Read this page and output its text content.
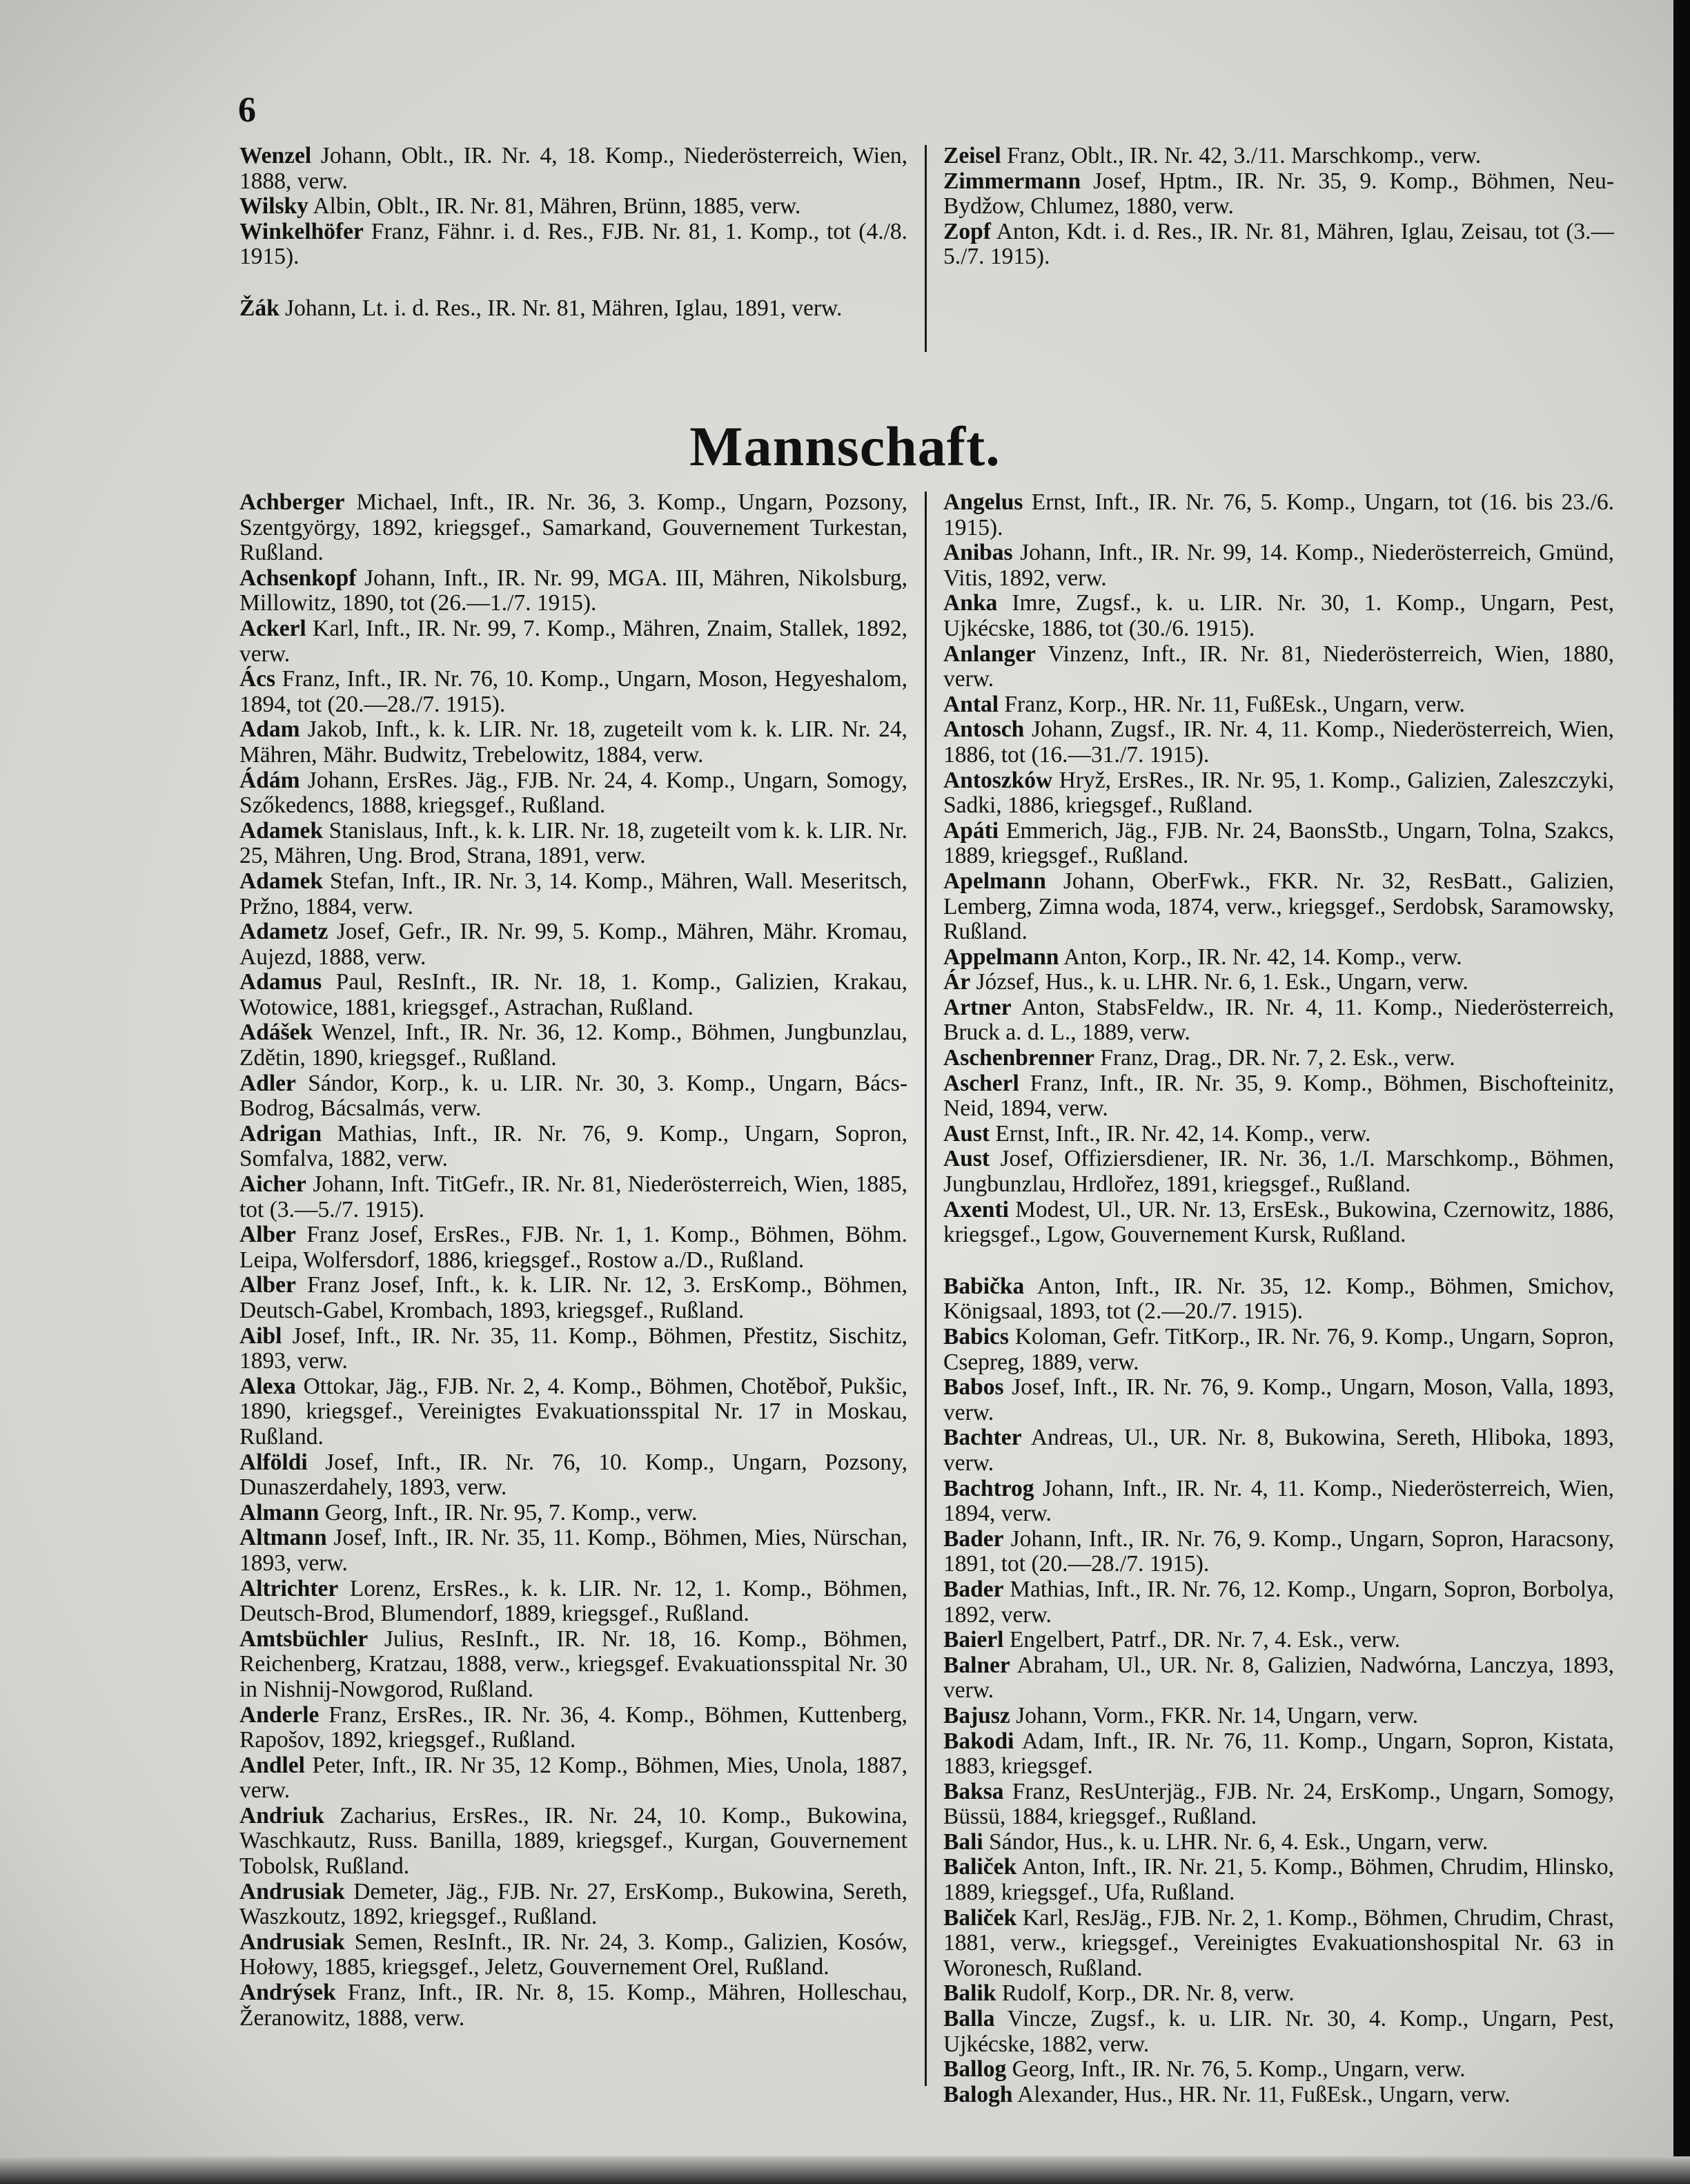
6

Wenzel Johann, Oblt., IR. Nr. 4, 18. Komp., Niederösterreich, Wien, 1888, verw.

Wilsky Albin, Oblt., IR. Nr. 81, Mähren, Brünn, 1885, verw.

Winkelhöfer Franz, Fähnr. i. d. Res., FJB. Nr. 81, 1. Komp., tot (4./8. 1915).

Žák Johann, Lt. i. d. Res., IR. Nr. 81, Mähren, Iglau, 1891, verw.

Zeisel Franz, Oblt., IR. Nr. 42, 3./11. Marschkomp., verw.

Zimmermann Josef, Hptm., IR. Nr. 35, 9. Komp., Böhmen, Neu-Bydžow, Chlumez, 1880, verw.

Zopf Anton, Kdt. i. d. Res., IR. Nr. 81, Mähren, Iglau, Zeisau, tot (3.—5./7. 1915).

Mannschaft.

Achberger Michael, Inft., IR. Nr. 36, 3. Komp., Ungarn, Pozsony, Szentgyörgy, 1892, kriegsgef., Samarkand, Gouvernement Turkestan, Rußland.

Achsenkopf Johann, Inft., IR. Nr. 99, MGA. III, Mähren, Nikolsburg, Millowitz, 1890, tot (26.—1./7. 1915).

Ackerl Karl, Inft., IR. Nr. 99, 7. Komp., Mähren, Znaim, Stallek, 1892, verw.

Ács Franz, Inft., IR. Nr. 76, 10. Komp., Ungarn, Moson, Hegyeshalom, 1894, tot (20.—28./7. 1915).

Adam Jakob, Inft., k. k. LIR. Nr. 18, zugeteilt vom k. k. LIR. Nr. 24, Mähren, Mähr. Budwitz, Trebelowitz, 1884, verw.

Ádám Johann, ErsRes. Jäg., FJB. Nr. 24, 4. Komp., Ungarn, Somogy, Szőkedencs, 1888, kriegsgef., Rußland.

Adamek Stanislaus, Inft., k. k. LIR. Nr. 18, zugeteilt vom k. k. LIR. Nr. 25, Mähren, Ung. Brod, Strana, 1891, verw.

Adamek Stefan, Inft., IR. Nr. 3, 14. Komp., Mähren, Wall. Meseritsch, Pržno, 1884, verw.

Adametz Josef, Gefr., IR. Nr. 99, 5. Komp., Mähren, Mähr. Kromau, Aujezd, 1888, verw.

Adamus Paul, ResInft., IR. Nr. 18, 1. Komp., Galizien, Krakau, Wotowice, 1881, kriegsgef., Astrachan, Rußland.

Adášek Wenzel, Inft., IR. Nr. 36, 12. Komp., Böhmen, Jungbunzlau, Zdětin, 1890, kriegsgef., Rußland.

Adler Sándor, Korp., k. u. LIR. Nr. 30, 3. Komp., Ungarn, Bács-Bodrog, Bácsalmás, verw.

Adrigan Mathias, Inft., IR. Nr. 76, 9. Komp., Ungarn, Sopron, Somfalva, 1882, verw.

Aicher Johann, Inft. TitGefr., IR. Nr. 81, Niederösterreich, Wien, 1885, tot (3.—5./7. 1915).

Alber Franz Josef, ErsRes., FJB. Nr. 1, 1. Komp., Böhmen, Böhm. Leipa, Wolfersdorf, 1886, kriegsgef., Rostow a./D., Rußland.

Alber Franz Josef, Inft., k. k. LIR. Nr. 12, 3. ErsKomp., Böhmen, Deutsch-Gabel, Krombach, 1893, kriegsgef., Rußland.

Aibl Josef, Inft., IR. Nr. 35, 11. Komp., Böhmen, Přestitz, Sischitz, 1893, verw.

Alexa Ottokar, Jäg., FJB. Nr. 2, 4. Komp., Böhmen, Chotěboř, Pukšic, 1890, kriegsgef., Vereinigtes Evakuationsspital Nr. 17 in Moskau, Rußland.

Alföldi Josef, Inft., IR. Nr. 76, 10. Komp., Ungarn, Pozsony, Dunaszerdahely, 1893, verw.

Almann Georg, Inft., IR. Nr. 95, 7. Komp., verw.

Altmann Josef, Inft., IR. Nr. 35, 11. Komp., Böhmen, Mies, Nürschan, 1893, verw.

Altrichter Lorenz, ErsRes., k. k. LIR. Nr. 12, 1. Komp., Böhmen, Deutsch-Brod, Blumendorf, 1889, kriegsgef., Rußland.

Amtsbüchler Julius, ResInft., IR. Nr. 18, 16. Komp., Böhmen, Reichenberg, Kratzau, 1888, verw., kriegsgef. Evakuationsspital Nr. 30 in Nishnij-Nowgorod, Rußland.

Anderle Franz, ErsRes., IR. Nr. 36, 4. Komp., Böhmen, Kuttenberg, Rapošov, 1892, kriegsgef., Rußland.

Andlel Peter, Inft., IR. Nr 35, 12 Komp., Böhmen, Mies, Unola, 1887, verw.

Andriuk Zacharius, ErsRes., IR. Nr. 24, 10. Komp., Bukowina, Waschkautz, Russ. Banilla, 1889, kriegsgef., Kurgan, Gouvernement Tobolsk, Rußland.

Andrusiak Demeter, Jäg., FJB. Nr. 27, ErsKomp., Bukowina, Sereth, Waszkoutz, 1892, kriegsgef., Rußland.

Andrusiak Semen, ResInft., IR. Nr. 24, 3. Komp., Galizien, Kosów, Hołowy, 1885, kriegsgef., Jeletz, Gouvernement Orel, Rußland.

Andrýsek Franz, Inft., IR. Nr. 8, 15. Komp., Mähren, Holleschau, Žeranowitz, 1888, verw.

Angelus Ernst, Inft., IR. Nr. 76, 5. Komp., Ungarn, tot (16. bis 23./6. 1915).

Anibas Johann, Inft., IR. Nr. 99, 14. Komp., Niederösterreich, Gmünd, Vitis, 1892, verw.

Anka Imre, Zugsf., k. u. LIR. Nr. 30, 1. Komp., Ungarn, Pest, Ujkécske, 1886, tot (30./6. 1915).

Anlanger Vinzenz, Inft., IR. Nr. 81, Niederösterreich, Wien, 1880, verw.

Antal Franz, Korp., HR. Nr. 11, FußEsk., Ungarn, verw.

Antosch Johann, Zugsf., IR. Nr. 4, 11. Komp., Niederösterreich, Wien, 1886, tot (16.—31./7. 1915).

Antoszków Hryž, ErsRes., IR. Nr. 95, 1. Komp., Galizien, Zaleszczyki, Sadki, 1886, kriegsgef., Rußland.

Apáti Emmerich, Jäg., FJB. Nr. 24, BaonsStb., Ungarn, Tolna, Szakcs, 1889, kriegsgef., Rußland.

Apelmann Johann, OberFwk., FKR. Nr. 32, ResBatt., Galizien, Lemberg, Zimna woda, 1874, verw., kriegsgef., Serdobsk, Saramowsky, Rußland.

Appelmann Anton, Korp., IR. Nr. 42, 14. Komp., verw.

Ár József, Hus., k. u. LHR. Nr. 6, 1. Esk., Ungarn, verw.

Artner Anton, StabsFeldw., IR. Nr. 4, 11. Komp., Niederösterreich, Bruck a. d. L., 1889, verw.

Aschenbrenner Franz, Drag., DR. Nr. 7, 2. Esk., verw.

Ascherl Franz, Inft., IR. Nr. 35, 9. Komp., Böhmen, Bischofteinitz, Neid, 1894, verw.

Aust Ernst, Inft., IR. Nr. 42, 14. Komp., verw.

Aust Josef, Offiziersdiener, IR. Nr. 36, 1./I. Marschkomp., Böhmen, Jungbunzlau, Hrdlořez, 1891, kriegsgef., Rußland.

Axenti Modest, Ul., UR. Nr. 13, ErsEsk., Bukowina, Czernowitz, 1886, kriegsgef., Lgow, Gouvernement Kursk, Rußland.

Babička Anton, Inft., IR. Nr. 35, 12. Komp., Böhmen, Smichov, Königsaal, 1893, tot (2.—20./7. 1915).

Babics Koloman, Gefr. TitKorp., IR. Nr. 76, 9. Komp., Ungarn, Sopron, Csepreg, 1889, verw.

Babos Josef, Inft., IR. Nr. 76, 9. Komp., Ungarn, Moson, Valla, 1893, verw.

Bachter Andreas, Ul., UR. Nr. 8, Bukowina, Sereth, Hliboka, 1893, verw.

Bachtrog Johann, Inft., IR. Nr. 4, 11. Komp., Niederösterreich, Wien, 1894, verw.

Bader Johann, Inft., IR. Nr. 76, 9. Komp., Ungarn, Sopron, Haracsony, 1891, tot (20.—28./7. 1915).

Bader Mathias, Inft., IR. Nr. 76, 12. Komp., Ungarn, Sopron, Borbolya, 1892, verw.

Baierl Engelbert, Patrf., DR. Nr. 7, 4. Esk., verw.

Balner Abraham, Ul., UR. Nr. 8, Galizien, Nadwórna, Lanczya, 1893, verw.

Bajusz Johann, Vorm., FKR. Nr. 14, Ungarn, verw.

Bakodi Adam, Inft., IR. Nr. 76, 11. Komp., Ungarn, Sopron, Kistata, 1883, kriegsgef.

Baksa Franz, ResUnterjäg., FJB. Nr. 24, ErsKomp., Ungarn, Somogy, Büssü, 1884, kriegsgef., Rußland.

Bali Sándor, Hus., k. u. LHR. Nr. 6, 4. Esk., Ungarn, verw.

Baliček Anton, Inft., IR. Nr. 21, 5. Komp., Böhmen, Chrudim, Hlinsko, 1889, kriegsgef., Ufa, Rußland.

Baliček Karl, ResJäg., FJB. Nr. 2, 1. Komp., Böhmen, Chrudim, Chrast, 1881, verw., kriegsgef., Vereinigtes Evakuationshospital Nr. 63 in Woronesch, Rußland.

Balik Rudolf, Korp., DR. Nr. 8, verw.

Balla Vincze, Zugsf., k. u. LIR. Nr. 30, 4. Komp., Ungarn, Pest, Ujkécske, 1882, verw.

Ballog Georg, Inft., IR. Nr. 76, 5. Komp., Ungarn, verw.

Balogh Alexander, Hus., HR. Nr. 11, FußEsk., Ungarn, verw.
